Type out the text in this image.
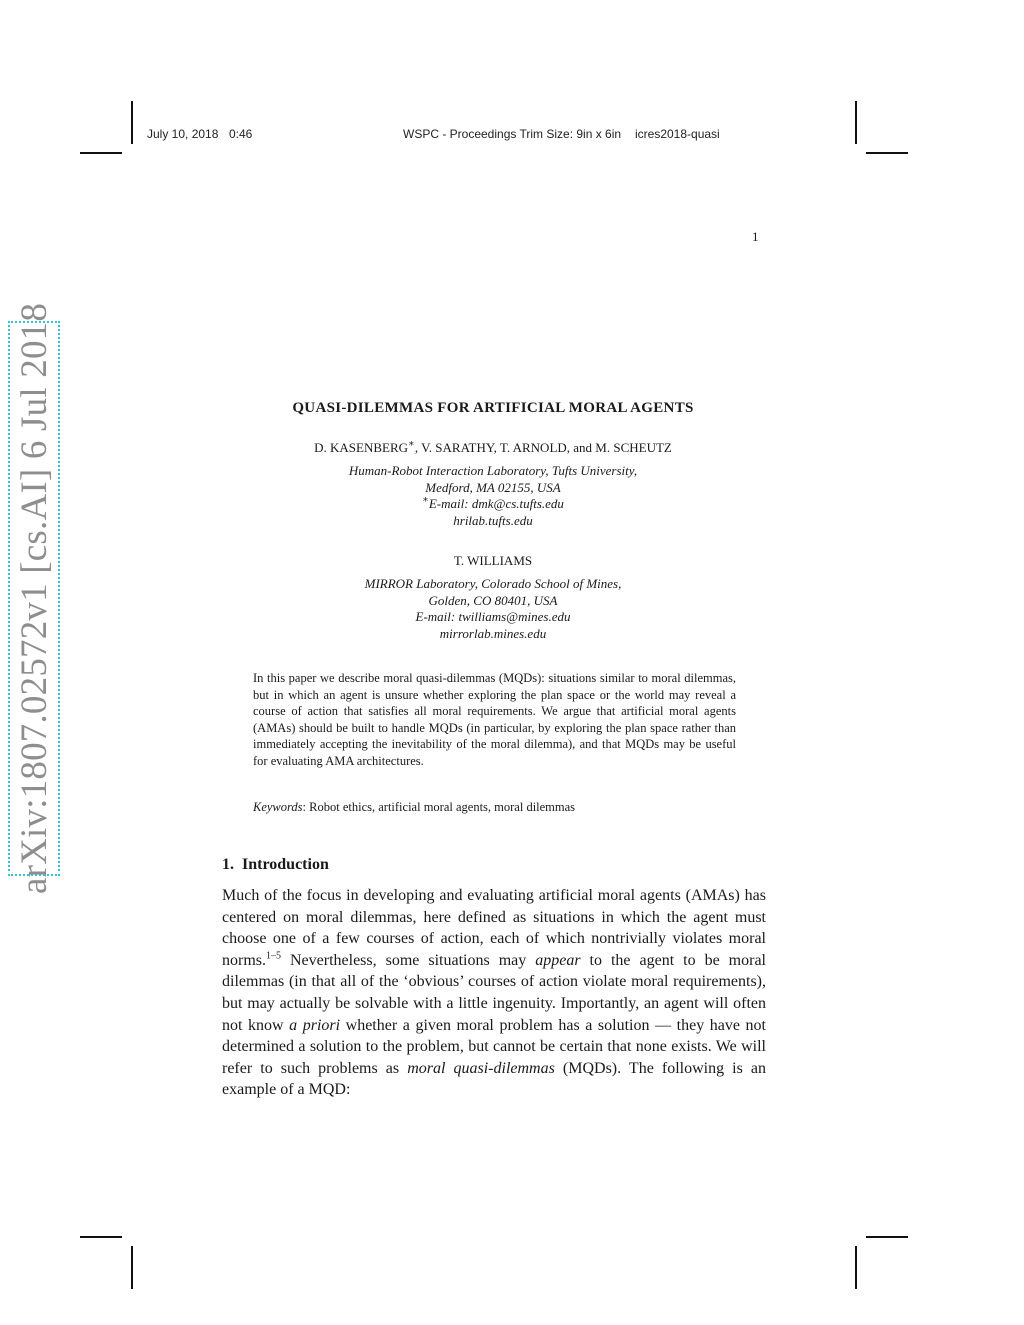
July 10, 2018 0:46	WSPC - Proceedings Trim Size: 9in x 6in icres2018-quasi
1
arXiv:1807.02572v1 [cs.AI] 6 Jul 2018	QUASI-DILEMMAS FOR ARTIFICIAL MORAL AGENTS
D. KASENBERG∗, V. SARATHY, T. ARNOLD, and M. SCHEUTZ
Human-Robot Interaction Laboratory, Tufts University,
Medford, MA 02155, USA
∗E-mail: dmk@cs.tufts.edu
hrilab.tufts.edu
T. WILLIAMS
MIRROR Laboratory, Colorado School of Mines,
Golden, CO 80401, USA
E-mail: twilliams@mines.edu
mirrorlab.mines.edu

In this paper we describe moral quasi-dilemmas (MQDs): situations similar to moral dilemmas, but in which an agent is unsure whether exploring the plan space or the world may reveal a course of action that satisfies all moral requirements. We argue that artificial moral agents (AMAs) should be built to handle MQDs (in particular, by exploring the plan space rather than immediately accepting the inevitability of the moral dilemma), and that MQDs may be useful for evaluating AMA architectures.

Keywords: Robot ethics, artificial moral agents, moral dilemmas
1. Introduction

Much of the focus in developing and evaluating artificial moral agents (AMAs) has centered on moral dilemmas, here defined as situations in which the agent must choose one of a few courses of action, each of which nontrivially violates moral norms.$^{1-5}$ Nevertheless, some situations may appear to the agent to be moral dilemmas (in that all of the ‘obvious’ courses of action violate moral requirements), but may actually be solvable with a little ingenuity. Importantly, an agent will often not know a priori whether a given moral problem has a solution — they have not determined a solution to the problem, but cannot be certain that none exists. We will refer to such problems as moral quasi-dilemmas (MQDs). The following is an example of a MQD:
